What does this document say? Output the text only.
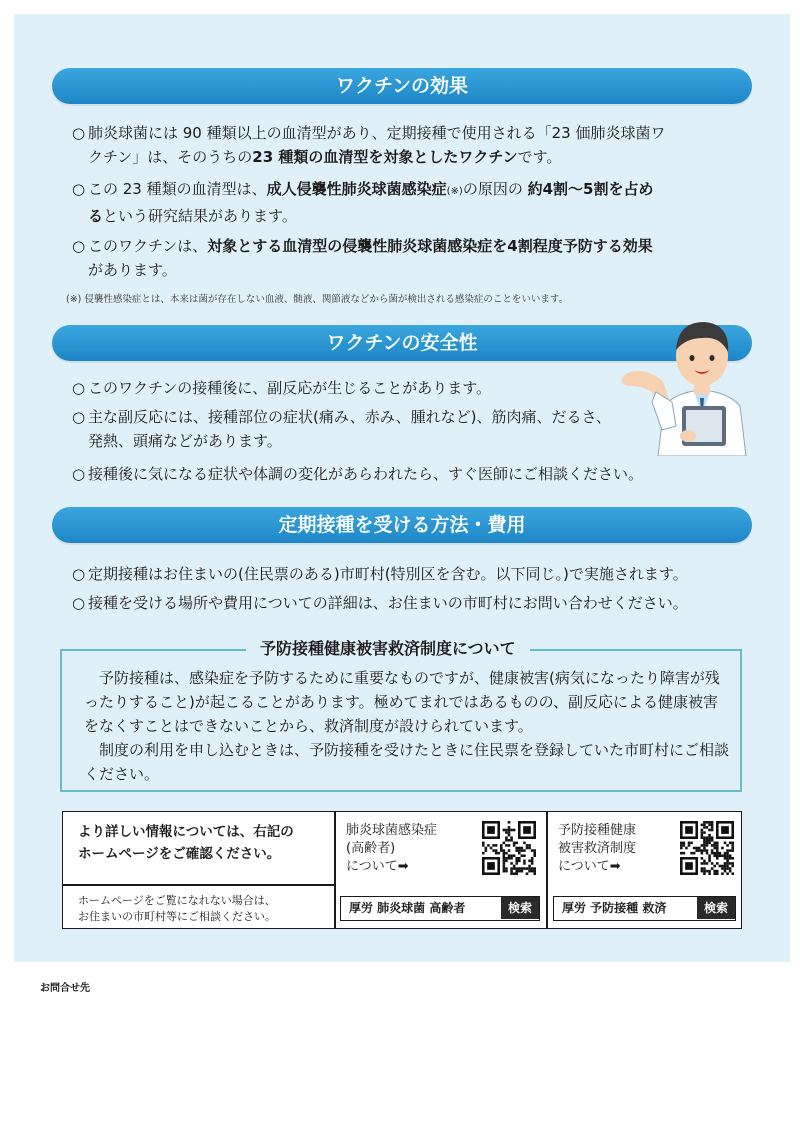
ワクチンの効果
○ 肺炎球菌には 90 種類以上の血清型があり、定期接種で使用される「23 価肺炎球菌ワ
クチン」は、そのうちの23 種類の血清型を対象としたワクチンです。
○ この 23 種類の血清型は、成人侵襲性肺炎球菌感染症(※)の原因の 約4割～5割を占め
るという研究結果があります。
○ このワクチンは、対象とする血清型の侵襲性肺炎球菌感染症を4割程度予防する効果
があります。
(※) 侵襲性感染症とは、本来は菌が存在しない血液、髄液、関節液などから菌が検出される感染症のことをいいます。
ワクチンの安全性
○ このワクチンの接種後に、副反応が生じることがあります。
○ 主な副反応には、接種部位の症状(痛み、赤み、腫れなど)、筋肉痛、だるさ、
発熱、頭痛などがあります。
○ 接種後に気になる症状や体調の変化があらわれたら、すぐ医師にご相談ください。
定期接種を受ける方法・費用
○ 定期接種はお住まいの(住民票のある)市町村(特別区を含む。以下同じ。)で実施されます。
○ 接種を受ける場所や費用についての詳細は、お住まいの市町村にお問い合わせください。
予防接種健康被害救済制度について

予防接種は、感染症を予防するために重要なものですが、健康被害(病気になったり障害が残ったりすること)が起こることがあります。極めてまれではあるものの、副反応による健康被害をなくすことはできないことから、救済制度が設けられています。

制度の利用を申し込むときは、予防接種を受けたときに住民票を登録していた市町村にご相談ください。

より詳しい情報については、右記の
ホームページをご確認ください。
ホームページをご覧になれない場合は、
お住まいの市町村等にご相談ください。
肺炎球菌感染症
(高齢者)
について➡
厚労 肺炎球菌 高齢者	検索
予防接種健康
被害救済制度
について➡
厚労 予防接種 救済	検索
お問合せ先
